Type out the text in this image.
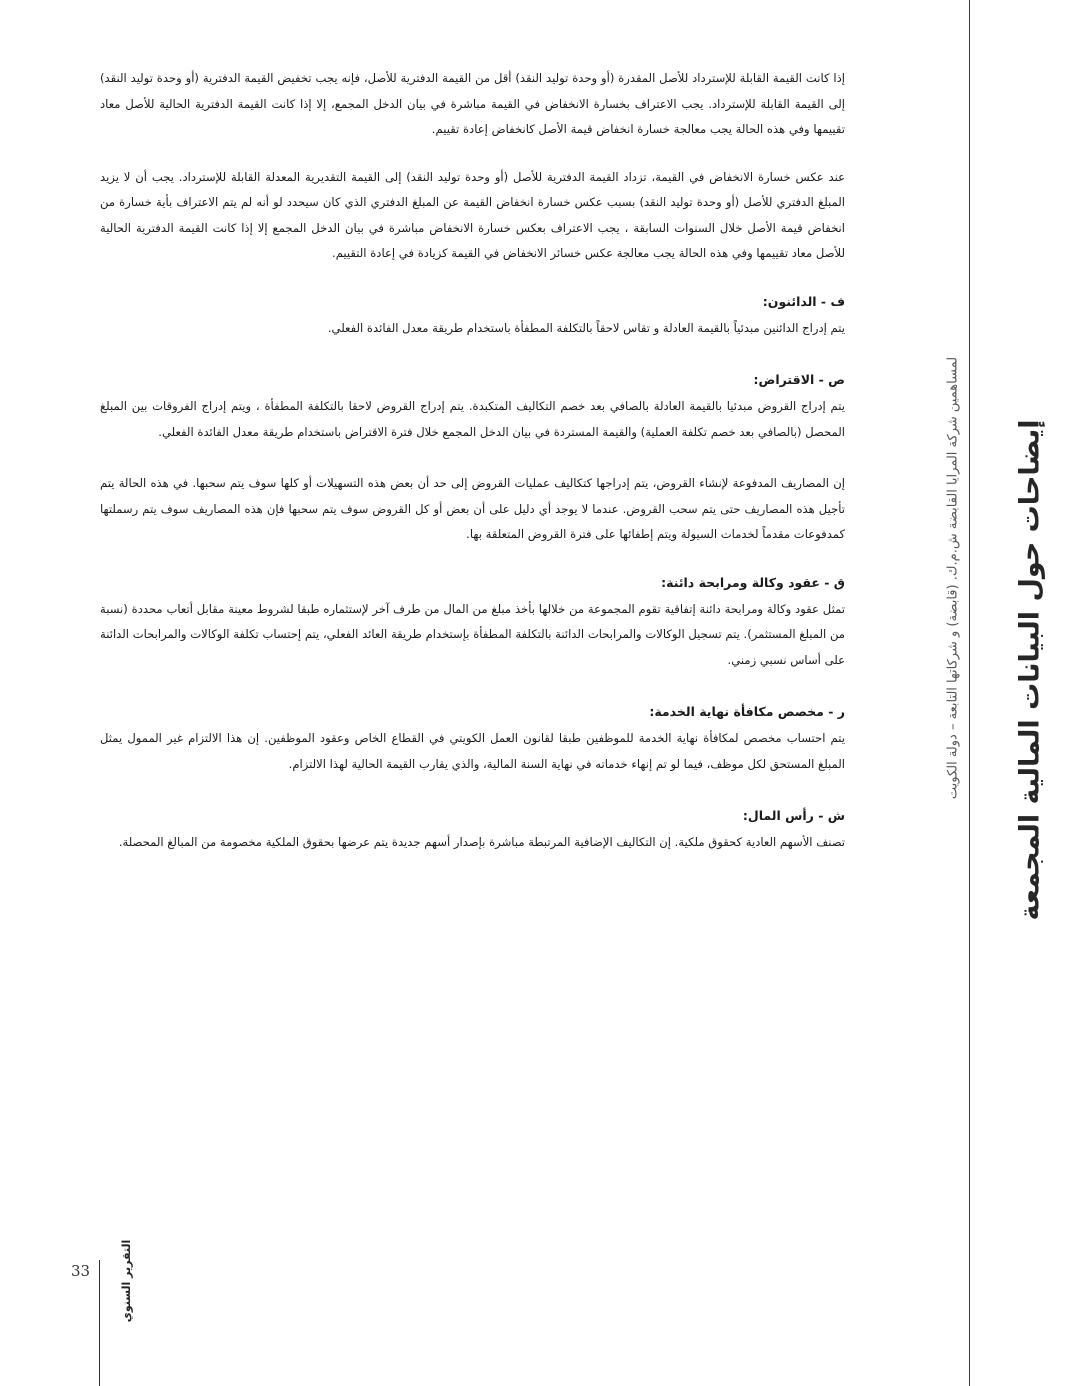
إيضاحات حول البيانات المالية المجمعة
لمساهمين شركة المرايا القابضة ش.م.ك. (قابضة) و شركاتها التابعة – دولة الكويت

إذا كانت القيمة القابلة للإسترداد للأصل المقدرة (أو وحدة توليد النقد) أقل من القيمة الدفترية للأصل، فإنه يجب تخفيض القيمة الدفترية (أو وحدة توليد النقد) إلى القيمة القابلة للإسترداد. يجب الاعتراف بخسارة الانخفاض في القيمة مباشرة في بيان الدخل المجمع، إلا إذا كانت القيمة الدفترية الحالية للأصل معاد تقييمها وفي هذه الحالة يجب معالجة خسارة انخفاض قيمة الأصل كانخفاض إعادة تقييم.

عند عكس خسارة الانخفاض في القيمة، تزداد القيمة الدفترية للأصل (أو وحدة توليد النقد) إلى القيمة التقديرية المعدلة القابلة للإسترداد. يجب أن لا يزيد المبلغ الدفتري للأصل (أو وحدة توليد النقد) بسبب عكس خسارة انخفاض القيمة عن المبلغ الدفتري الذي كان سيحدد لو أنه لم يتم الاعتراف بأية خسارة من انخفاض قيمة الأصل خلال السنوات السابقة ، يجب الاعتراف بعكس خسارة الانخفاض مباشرة في بيان الدخل المجمع إلا إذا كانت القيمة الدفترية الحالية للأصل معاد تقييمها وفي هذه الحالة يجب معالجة عكس خسائر الانخفاض في القيمة كزيادة في إعادة التقييم.

ف - الدائنون:

يتم إدراج الدائنين مبدئياً بالقيمة العادلة و تقاس لاحقاً بالتكلفة المطفأة باستخدام طريقة معدل الفائدة الفعلي.

ص - الاقتراض:

يتم إدراج القروض مبدئيا بالقيمة العادلة بالصافي بعد خصم التكاليف المتكبدة. يتم إدراج القروض لاحقا بالتكلفة المطفأة ، ويتم إدراج الفروقات بين المبلغ المحصل (بالصافي بعد خصم تكلفة العملية) والقيمة المستردة في بيان الدخل المجمع خلال فترة الاقتراض باستخدام طريقة معدل الفائدة الفعلي.

إن المصاريف المدفوعة لإنشاء القروض، يتم إدراجها كتكاليف عمليات القروض إلى حد أن بعض هذه التسهيلات أو كلها سوف يتم سحبها. في هذه الحالة يتم تأجيل هذه المصاريف حتى يتم سحب القروض. عندما لا يوجد أي دليل على أن بعض أو كل القروض سوف يتم سحبها فإن هذه المصاريف سوف يتم رسملتها كمدفوعات مقدماً لخدمات السيولة ويتم إطفائها على فترة القروض المتعلقة بها.

ق - عقود وكالة ومرابحة دائنة:

تمثل عقود وكالة ومرابحة دائنة إتفاقية تقوم المجموعة من خلالها بأخذ مبلغ من المال من طرف آخر لإستثماره طبقا لشروط معينة مقابل أتعاب محددة (نسبة من المبلغ المستثمر). يتم تسجيل الوكالات والمرابحات الدائنة بالتكلفة المطفأة بإستخدام طريقة العائد الفعلي، يتم إحتساب تكلفة الوكالات والمرابحات الدائنة على أساس نسبي زمني.

ر - مخصص مكافأة نهاية الخدمة:

يتم احتساب مخصص لمكافأة نهاية الخدمة للموظفين طبقا لقانون العمل الكويتي في القطاع الخاص وعقود الموظفين. إن هذا الالتزام غير الممول يمثل المبلغ المستحق لكل موظف، فيما لو تم إنهاء خدماته في نهاية السنة المالية، والذي يقارب القيمة الحالية لهذا الالتزام.

ش - رأس المال:

تصنف الأسهم العادية كحقوق ملكية. إن التكاليف الإضافية المرتبطة مباشرة بإصدار أسهم جديدة يتم عرضها بحقوق الملكية مخصومة من المبالغ المحصلة.

33	التقرير السنوي
